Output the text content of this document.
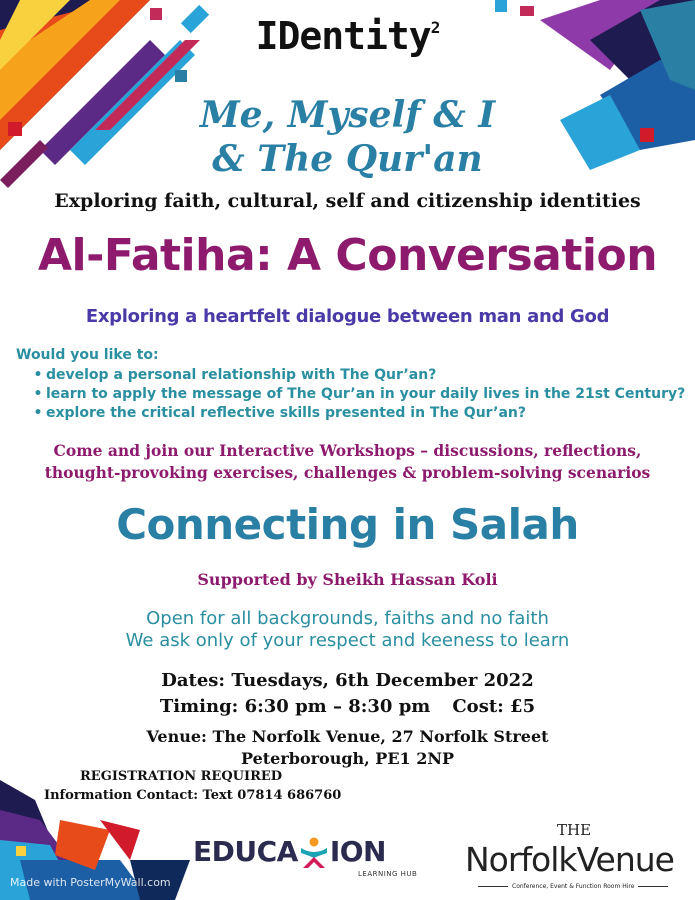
IDentity$^2$
Me, Myself & I
& The Qur'an
Exploring faith, cultural, self and citizenship identities
Al-Fatiha: A Conversation
Exploring a heartfelt dialogue between man and God
Would you like to:
• develop a personal relationship with The Qur’an?
• learn to apply the message of The Qur’an in your daily lives in the 21st Century?
• explore the critical reflective skills presented in The Qur’an?
Come and join our Interactive Workshops – discussions, reflections,
thought-provoking exercises, challenges & problem-solving scenarios
Connecting in Salah
Supported by Sheikh Hassan Koli
Open for all backgrounds, faiths and no faith
We ask only of your respect and keeness to learn
Dates: Tuesdays, 6th December 2022
Timing: 6:30 pm – 8:30 pm Cost: £5
Venue: The Norfolk Venue, 27 Norfolk Street
Peterborough, PE1 2NP
REGISTRATION REQUIRED
Information Contact: Text 07814 686760
EDUCA ION
LEARNING HUB
THE
NorfolkVenue
Conference, Event & Function Room Hire
Made with PosterMyWall.com
